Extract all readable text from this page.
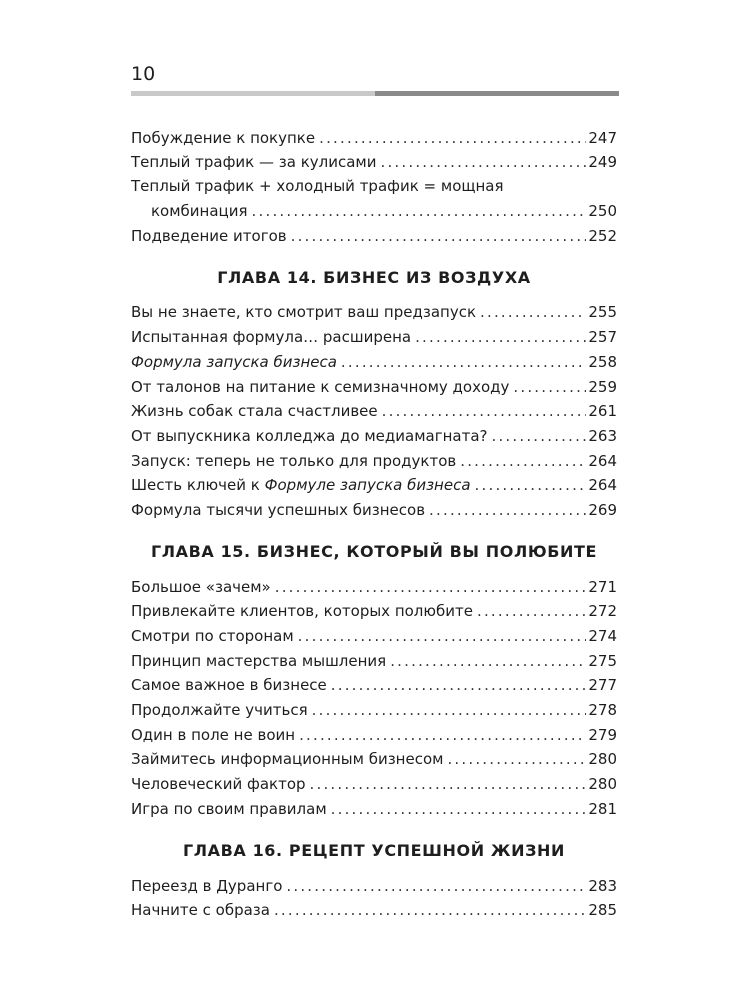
10
Побуждение к покупке .....	247
Теплый трафик — за кулисами .....	249
Теплый трафик + холодный трафик = мощная
комбинация .....	250
Подведение итогов .....	252
ГЛАВА 14. БИЗНЕС ИЗ ВОЗДУХА
Вы не знаете, кто смотрит ваш предзапуск .....	255
Испытанная формула… расширена .....	257
Формула запуска бизнеса .....	258
От талонов на питание к семизначному доходу .....	259
Жизнь собак стала счастливее .....	261
От выпускника колледжа до медиамагната? .....	263
Запуск: теперь не только для продуктов .....	264
Шесть ключей к Формуле запуска бизнеса .....	264
Формула тысячи успешных бизнесов .....	269
ГЛАВА 15. БИЗНЕС, КОТОРЫЙ ВЫ ПОЛЮБИТЕ
Большое «зачем» .....	271
Привлекайте клиентов, которых полюбите .....	272
Смотри по сторонам .....	274
Принцип мастерства мышления .....	275
Самое важное в бизнесе .....	277
Продолжайте учиться .....	278
Один в поле не воин .....	279
Займитесь информационным бизнесом .....	280
Человеческий фактор .....	280
Игра по своим правилам .....	281
ГЛАВА 16. РЕЦЕПТ УСПЕШНОЙ ЖИЗНИ
Переезд в Дуранго .....	283
Начните с образа .....	285
